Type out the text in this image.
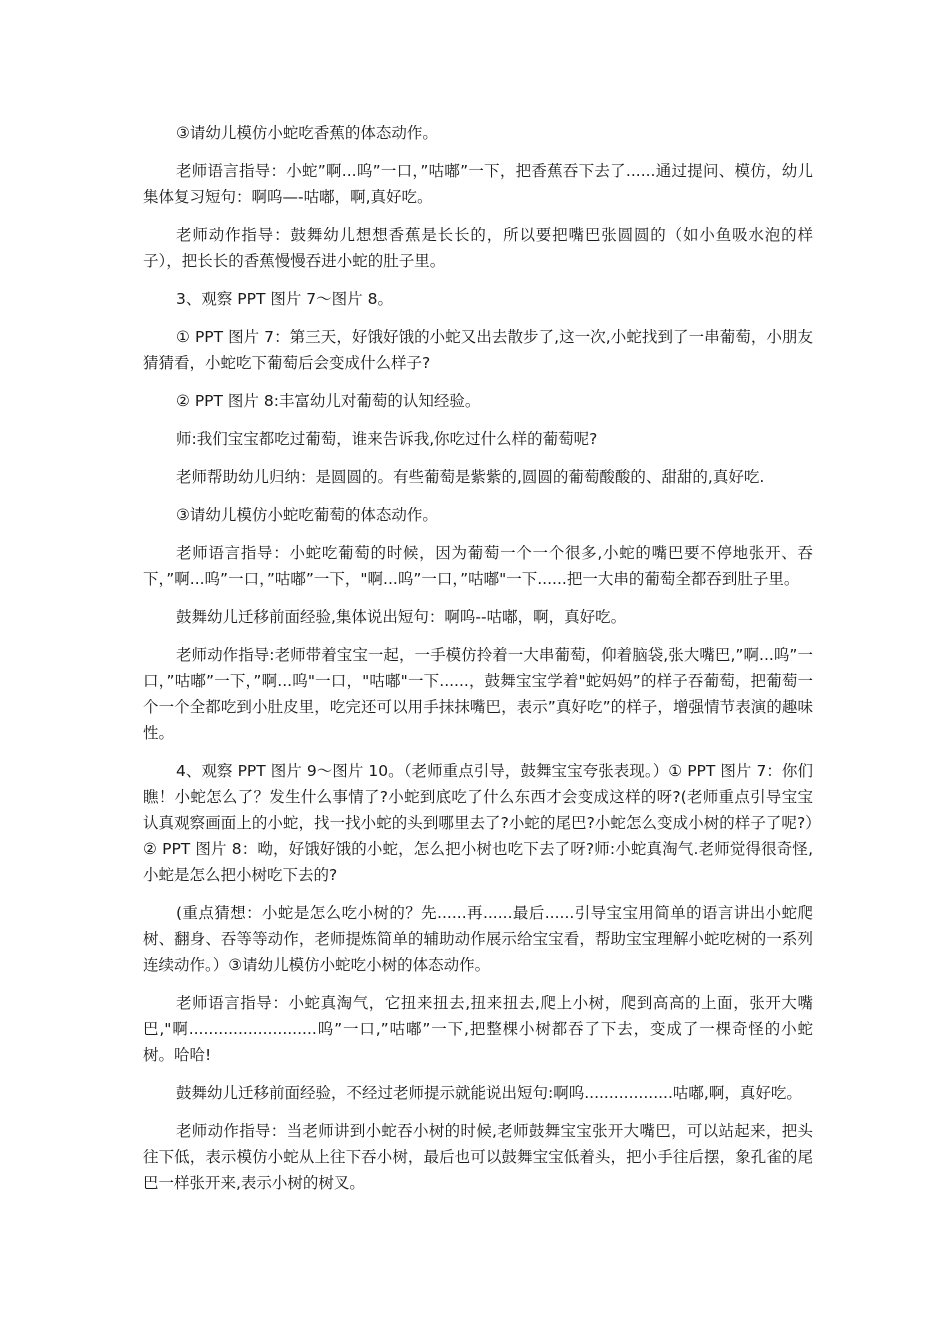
③请幼儿模仿小蛇吃香蕉的体态动作。

老师语言指导：小蛇”啊...呜”一口，”咕嘟”一下，把香蕉吞下去了......通过提问、模仿，幼儿集体复习短句：啊呜—-咕嘟，啊,真好吃。

老师动作指导：鼓舞幼儿想想香蕉是长长的，所以要把嘴巴张圆圆的（如小鱼吸水泡的样子），把长长的香蕉慢慢吞进小蛇的肚子里。

3、观察 PPT 图片 7～图片 8。

① PPT 图片 7：第三天，好饿好饿的小蛇又出去散步了,这一次,小蛇找到了一串葡萄，小朋友猜猜看，小蛇吃下葡萄后会变成什么样子?

② PPT 图片 8:丰富幼儿对葡萄的认知经验。

师:我们宝宝都吃过葡萄，谁来告诉我,你吃过什么样的葡萄呢?

老师帮助幼儿归纳：是圆圆的。有些葡萄是紫紫的,圆圆的葡萄酸酸的、甜甜的,真好吃.

③请幼儿模仿小蛇吃葡萄的体态动作。

老师语言指导：小蛇吃葡萄的时候，因为葡萄一个一个很多,小蛇的嘴巴要不停地张开、吞下，”啊...呜”一口，”咕嘟”一下，"啊...呜”一口，”咕嘟"一下......把一大串的葡萄全都吞到肚子里。

鼓舞幼儿迁移前面经验,集体说出短句：啊呜--咕嘟，啊，真好吃。

老师动作指导:老师带着宝宝一起，一手模仿拎着一大串葡萄，仰着脑袋,张大嘴巴,”啊...呜”一口，”咕嘟”一下，”啊...呜"一口，"咕嘟"一下......，鼓舞宝宝学着"蛇妈妈”的样子吞葡萄，把葡萄一个一个全都吃到小肚皮里，吃完还可以用手抹抹嘴巴，表示”真好吃”的样子，增强情节表演的趣味性。

4、观察 PPT 图片 9～图片 10。（老师重点引导，鼓舞宝宝夸张表现。）① PPT 图片 7：你们瞧！小蛇怎么了？发生什么事情了?小蛇到底吃了什么东西才会变成这样的呀?(老师重点引导宝宝认真观察画面上的小蛇，找一找小蛇的头到哪里去了?小蛇的尾巴?小蛇怎么变成小树的样子了呢?）② PPT 图片 8：呦，好饿好饿的小蛇，怎么把小树也吃下去了呀?师:小蛇真淘气.老师觉得很奇怪,小蛇是怎么把小树吃下去的?

(重点猜想：小蛇是怎么吃小树的？先......再......最后......引导宝宝用简单的语言讲出小蛇爬树、翻身、吞等等动作，老师提炼简单的辅助动作展示给宝宝看，帮助宝宝理解小蛇吃树的一系列连续动作。）③请幼儿模仿小蛇吃小树的体态动作。

老师语言指导：小蛇真淘气，它扭来扭去,扭来扭去,爬上小树，爬到高高的上面，张开大嘴巴,"啊..........................呜”一口,”咕嘟”一下,把整棵小树都吞了下去，变成了一棵奇怪的小蛇树。哈哈!

鼓舞幼儿迁移前面经验，不经过老师提示就能说出短句:啊呜..................咕嘟,啊，真好吃。

老师动作指导：当老师讲到小蛇吞小树的时候,老师鼓舞宝宝张开大嘴巴，可以站起来，把头往下低，表示模仿小蛇从上往下吞小树，最后也可以鼓舞宝宝低着头，把小手往后摆，象孔雀的尾巴一样张开来,表示小树的树叉。
